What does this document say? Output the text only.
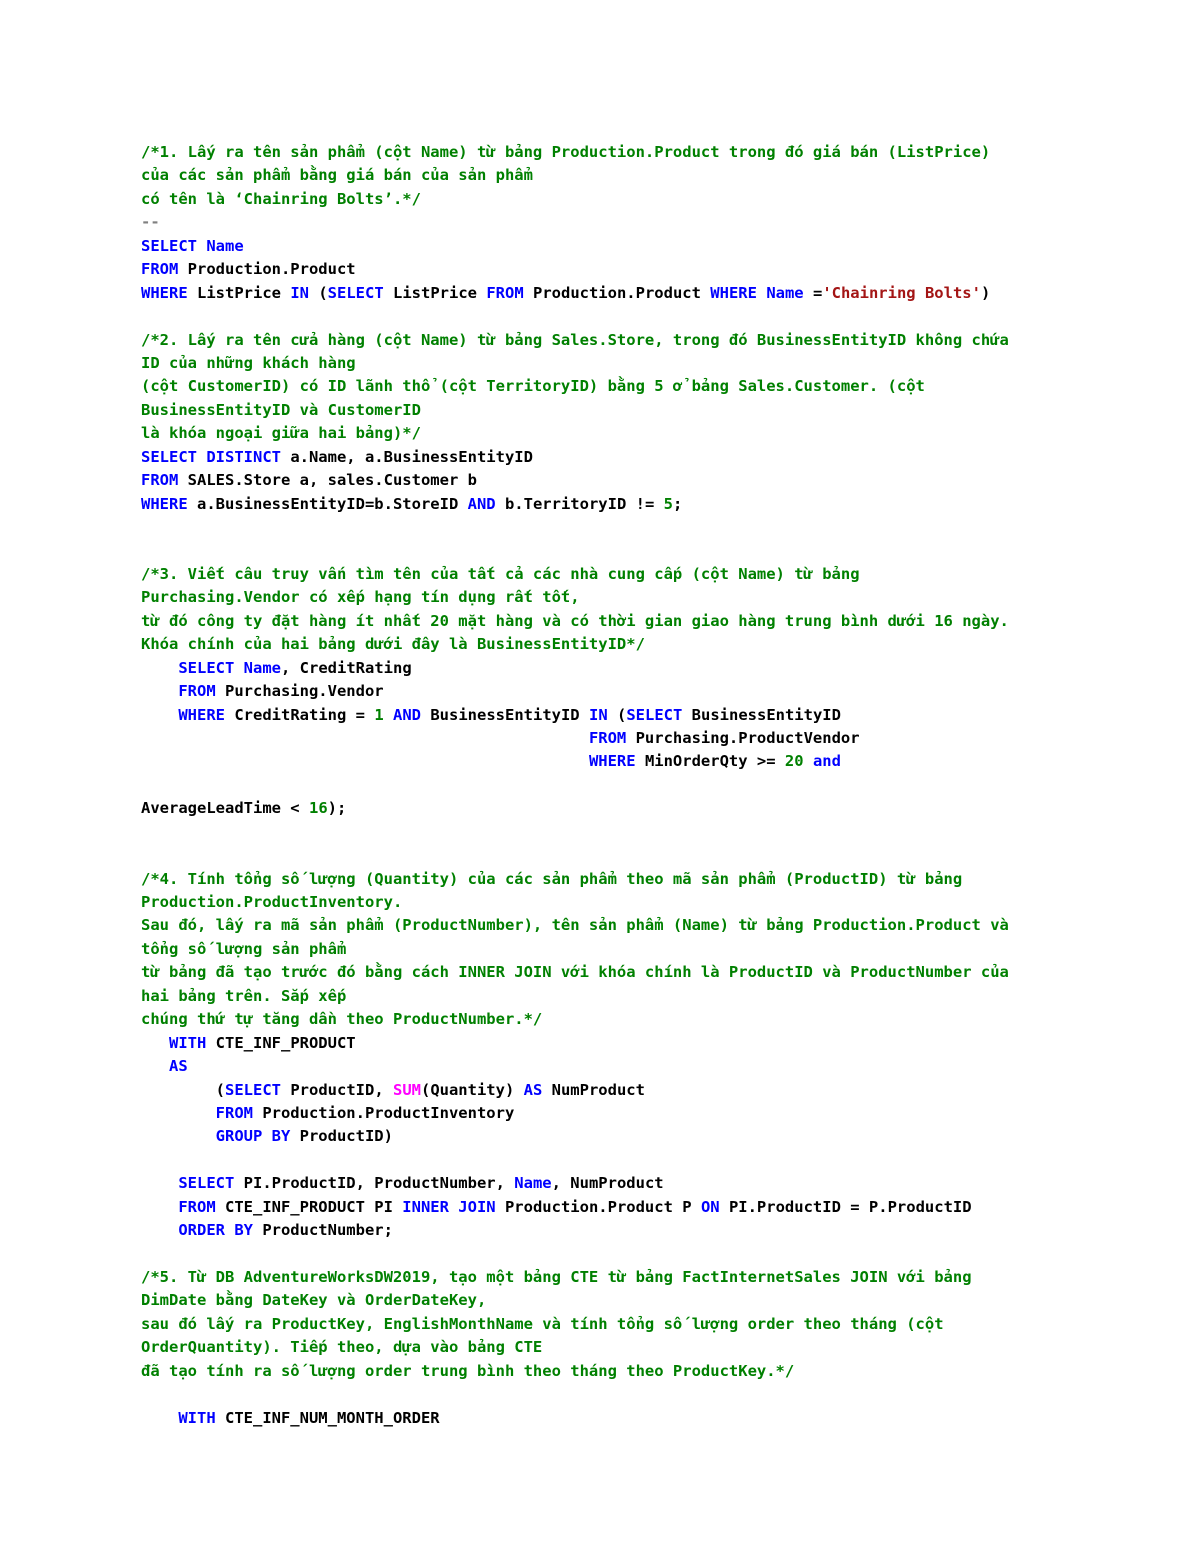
/*1. Lấy ra tên sản phẩm (cột Name) từ bảng Production.Product trong đó giá bán (ListPrice)
của các sản phẩm bằng giá bán của sản phẩm
có tên là ‘Chainring Bolts’.*/
--
SELECT Name
FROM Production.Product
WHERE ListPrice IN (SELECT ListPrice FROM Production.Product WHERE Name ='Chainring Bolts')

/*2. Lấy ra tên cửa hàng (cột Name) từ bảng Sales.Store, trong đó BusinessEntityID không chứa
ID của những khách hàng
(cột CustomerID) có ID lãnh thổ (cột TerritoryID) bằng 5 ở bảng Sales.Customer. (cột
BusinessEntityID và CustomerID
là khóa ngoại giữa hai bảng)*/
SELECT DISTINCT a.Name, a.BusinessEntityID
FROM SALES.Store a, sales.Customer b
WHERE a.BusinessEntityID=b.StoreID AND b.TerritoryID != 5;

/*3. Viết câu truy vấn tìm tên của tất cả các nhà cung cấp (cột Name) từ bảng
Purchasing.Vendor có xếp hạng tín dụng rất tốt,
từ đó công ty đặt hàng ít nhất 20 mặt hàng và có thời gian giao hàng trung bình dưới 16 ngày.
Khóa chính của hai bảng dưới đây là BusinessEntityID*/
SELECT Name, CreditRating
FROM Purchasing.Vendor
WHERE CreditRating = 1 AND BusinessEntityID IN (SELECT BusinessEntityID
FROM Purchasing.ProductVendor
WHERE MinOrderQty >= 20 and
AverageLeadTime < 16);

/*4. Tính tổng số lượng (Quantity) của các sản phẩm theo mã sản phẩm (ProductID) từ bảng
Production.ProductInventory.
Sau đó, lấy ra mã sản phẩm (ProductNumber), tên sản phẩm (Name) từ bảng Production.Product và
tổng số lượng sản phẩm
từ bảng đã tạo trước đó bằng cách INNER JOIN với khóa chính là ProductID và ProductNumber của
hai bảng trên. Sắp xếp
chúng thứ tự tăng dần theo ProductNumber.*/
WITH CTE_INF_PRODUCT
AS
(SELECT ProductID, SUM(Quantity) AS NumProduct
FROM Production.ProductInventory
GROUP BY ProductID)

SELECT PI.ProductID, ProductNumber, Name, NumProduct
FROM CTE_INF_PRODUCT PI INNER JOIN Production.Product P ON PI.ProductID = P.ProductID
ORDER BY ProductNumber;

/*5. Từ DB AdventureWorksDW2019, tạo một bảng CTE từ bảng FactInternetSales JOIN với bảng
DimDate bằng DateKey và OrderDateKey,
sau đó lấy ra ProductKey, EnglishMonthName và tính tổng số lượng order theo tháng (cột
OrderQuantity). Tiếp theo, dựa vào bảng CTE
đã tạo tính ra số lượng order trung bình theo tháng theo ProductKey.*/

WITH CTE_INF_NUM_MONTH_ORDER
